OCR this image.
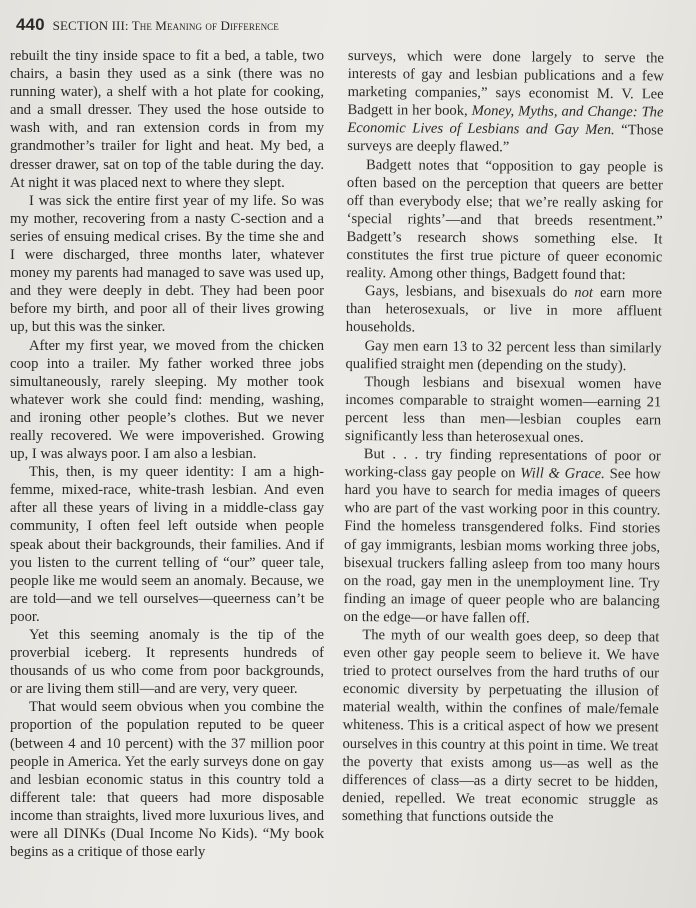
440 SECTION III: The Meaning of Difference

rebuilt the tiny inside space to fit a bed, a table, two chairs, a basin they used as a sink (there was no running water), a shelf with a hot plate for cooking, and a small dresser. They used the hose outside to wash with, and ran extension cords in from my grandmother’s trailer for light and heat. My bed, a dresser drawer, sat on top of the table during the day. At night it was placed next to where they slept.

I was sick the entire first year of my life. So was my mother, recovering from a nasty C-section and a series of ensuing medical crises. By the time she and I were discharged, three months later, whatever money my parents had managed to save was used up, and they were deeply in debt. They had been poor before my birth, and poor all of their lives growing up, but this was the sinker.

After my first year, we moved from the chicken coop into a trailer. My father worked three jobs simultaneously, rarely sleeping. My mother took whatever work she could find: mending, washing, and ironing other people’s clothes. But we never really recovered. We were impoverished. Growing up, I was always poor. I am also a lesbian.

This, then, is my queer identity: I am a high-femme, mixed-race, white-trash lesbian. And even after all these years of living in a middle-class gay community, I often feel left outside when people speak about their backgrounds, their families. And if you listen to the current telling of “our” queer tale, people like me would seem an anomaly. Because, we are told—and we tell ourselves—queerness can’t be poor.

Yet this seeming anomaly is the tip of the proverbial iceberg. It represents hundreds of thousands of us who come from poor backgrounds, or are living them still—and are very, very queer.

That would seem obvious when you combine the proportion of the population reputed to be queer (between 4 and 10 percent) with the 37 million poor people in America. Yet the early surveys done on gay and lesbian economic status in this country told a different tale: that queers had more disposable income than straights, lived more luxurious lives, and were all DINKs (Dual Income No Kids). “My book begins as a critique of those early

surveys, which were done largely to serve the interests of gay and lesbian publications and a few marketing companies,” says economist M. V. Lee Badgett in her book, Money, Myths, and Change: The Economic Lives of Lesbians and Gay Men. “Those surveys are deeply flawed.”

Badgett notes that “opposition to gay people is often based on the perception that queers are better off than everybody else; that we’re really asking for ‘special rights’—and that breeds resentment.” Badgett’s research shows something else. It constitutes the first true picture of queer economic reality. Among other things, Badgett found that:

Gays, lesbians, and bisexuals do not earn more than heterosexuals, or live in more affluent households.

Gay men earn 13 to 32 percent less than similarly qualified straight men (depending on the study).

Though lesbians and bisexual women have incomes comparable to straight women—earning 21 percent less than men—lesbian couples earn significantly less than heterosexual ones.

But . . . try finding representations of poor or working-class gay people on Will & Grace. See how hard you have to search for media images of queers who are part of the vast working poor in this country. Find the homeless transgendered folks. Find stories of gay immigrants, lesbian moms working three jobs, bisexual truckers falling asleep from too many hours on the road, gay men in the unemployment line. Try finding an image of queer people who are balancing on the edge—or have fallen off.

The myth of our wealth goes deep, so deep that even other gay people seem to believe it. We have tried to protect ourselves from the hard truths of our economic diversity by perpetuating the illusion of material wealth, within the confines of male/female whiteness. This is a critical aspect of how we present ourselves in this country at this point in time. We treat the poverty that exists among us—as well as the differences of class—as a dirty secret to be hidden, denied, repelled. We treat economic struggle as something that functions outside the
